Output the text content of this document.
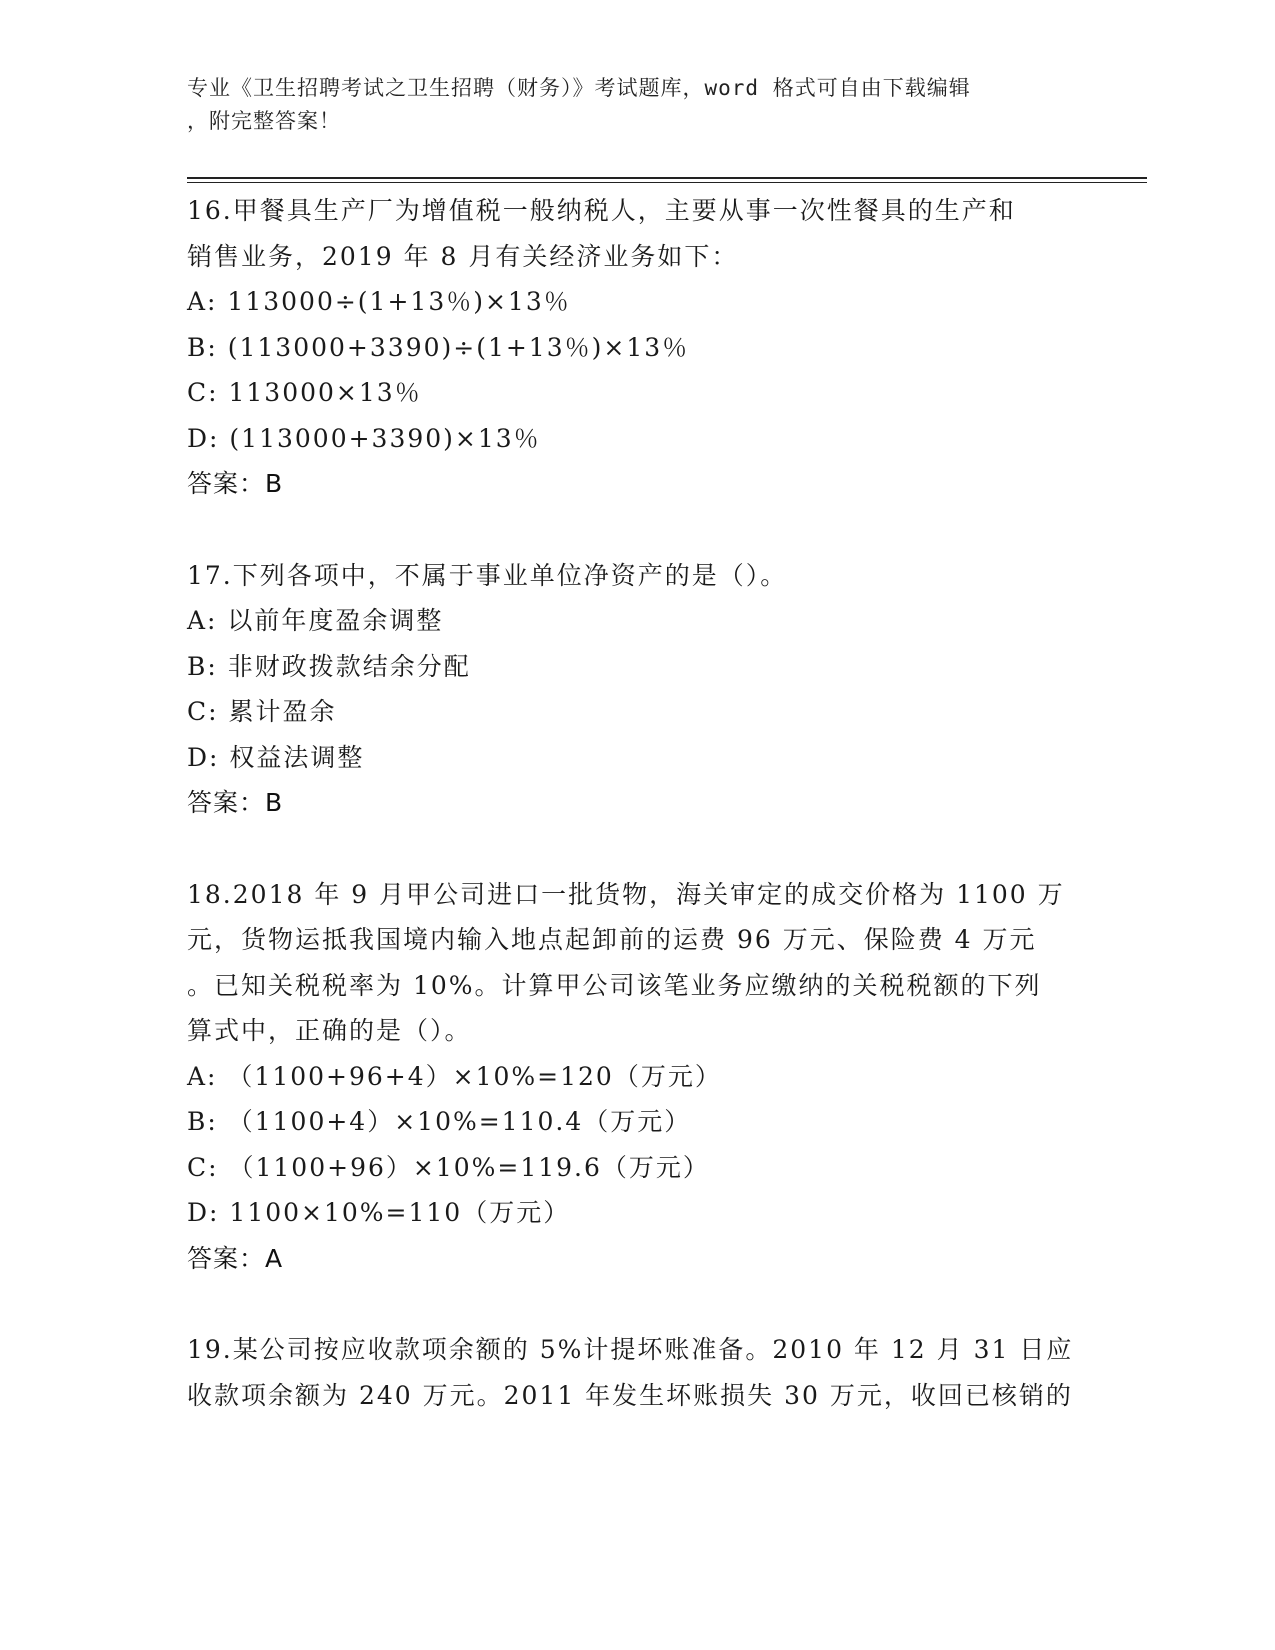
专业《卫生招聘考试之卫生招聘（财务）》考试题库，word 格式可自由下载编辑
，附完整答案！
16.甲餐具生产厂为增值税一般纳税人，主要从事一次性餐具的生产和
销售业务，2019 年 8 月有关经济业务如下：
A: 113000÷(1+13％)×13％
B: (113000+3390)÷(1+13％)×13％
C: 113000×13％
D: (113000+3390)×13％
答案：B
17.下列各项中，不属于事业单位净资产的是（）。
A: 以前年度盈余调整
B: 非财政拨款结余分配
C: 累计盈余
D: 权益法调整
答案：B
18.2018 年 9 月甲公司进口一批货物，海关审定的成交价格为 1100 万
元，货物运抵我国境内输入地点起卸前的运费 96 万元、保险费 4 万元
。已知关税税率为 10%。计算甲公司该笔业务应缴纳的关税税额的下列
算式中，正确的是（）。
A: （1100+96+4）×10%=120（万元）
B: （1100+4）×10%=110.4（万元）
C: （1100+96）×10%=119.6（万元）
D: 1100×10%=110（万元）
答案：A
19.某公司按应收款项余额的 5%计提坏账准备。2010 年 12 月 31 日应
收款项余额为 240 万元。2011 年发生坏账损失 30 万元，收回已核销的
